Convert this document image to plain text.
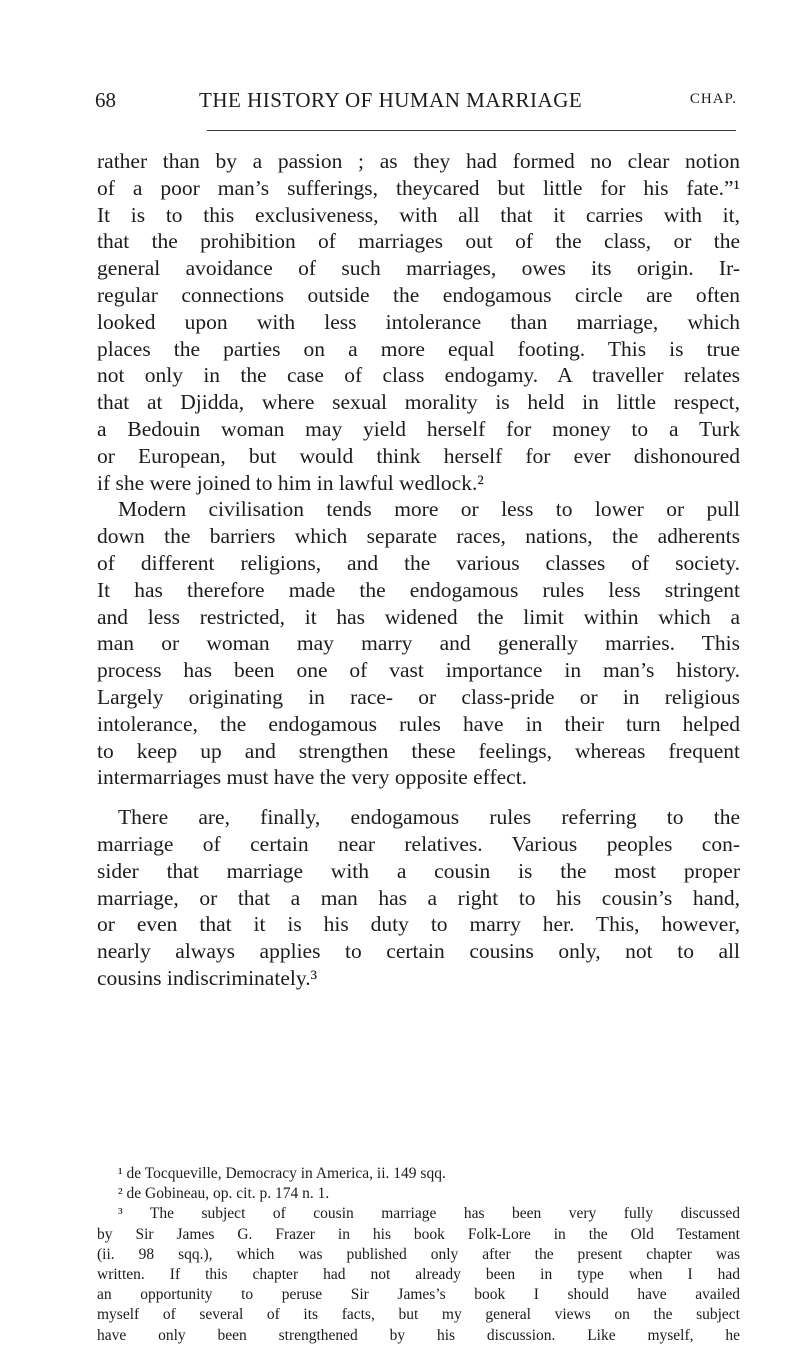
68	THE HISTORY OF HUMAN MARRIAGE	CHAP.
rather than by a passion ; as they had formed no clear notion
of a poor man’s sufferings, theycared but little for his fate.”¹
It is to this exclusiveness, with all that it carries with it,
that the prohibition of marriages out of the class, or the
general avoidance of such marriages, owes its origin. Ir-
regular connections outside the endogamous circle are often
looked upon with less intolerance than marriage, which
places the parties on a more equal footing. This is true
not only in the case of class endogamy. A traveller relates
that at Djidda, where sexual morality is held in little respect,
a Bedouin woman may yield herself for money to a Turk
or European, but would think herself for ever dishonoured
if she were joined to him in lawful wedlock.²
Modern civilisation tends more or less to lower or pull
down the barriers which separate races, nations, the adherents
of different religions, and the various classes of society.
It has therefore made the endogamous rules less stringent
and less restricted, it has widened the limit within which a
man or woman may marry and generally marries. This
process has been one of vast importance in man’s history.
Largely originating in race- or class-pride or in religious
intolerance, the endogamous rules have in their turn helped
to keep up and strengthen these feelings, whereas frequent
intermarriages must have the very opposite effect.
There are, finally, endogamous rules referring to the
marriage of certain near relatives. Various peoples con-
sider that marriage with a cousin is the most proper
marriage, or that a man has a right to his cousin’s hand,
or even that it is his duty to marry her. This, however,
nearly always applies to certain cousins only, not to all
cousins indiscriminately.³
¹ de Tocqueville, Democracy in America, ii. 149 sqq.
² de Gobineau, op. cit. p. 174 n. 1.
³ The subject of cousin marriage has been very fully discussed
by Sir James G. Frazer in his book Folk-Lore in the Old Testament
(ii. 98 sqq.), which was published only after the present chapter was
written. If this chapter had not already been in type when I had
an opportunity to peruse Sir James’s book I should have availed
myself of several of its facts, but my general views on the subject
have only been strengthened by his discussion. Like myself, he
